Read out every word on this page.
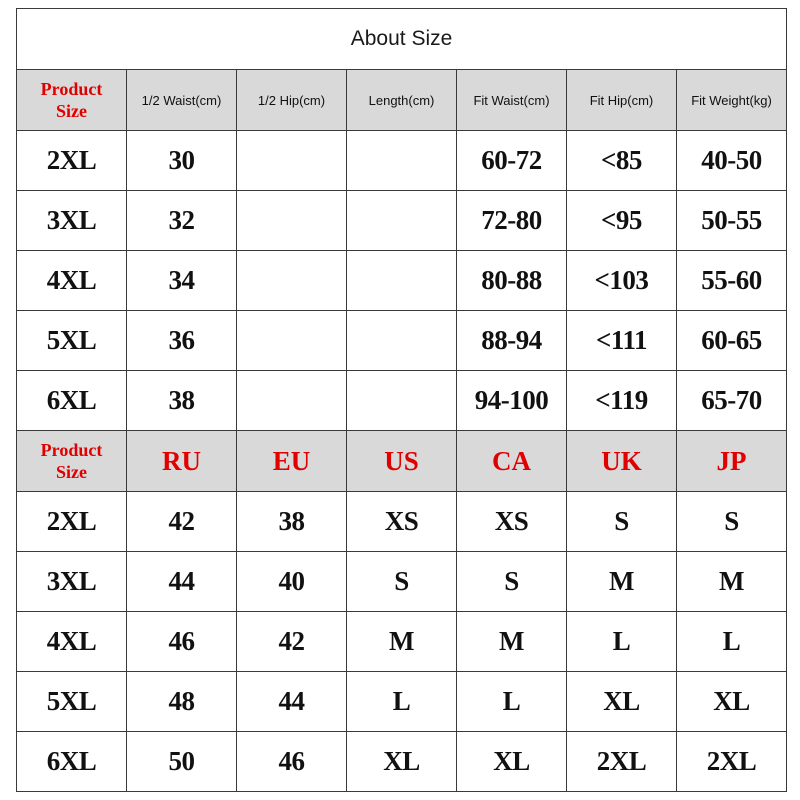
About Size						

Product
Size	1/2 Waist(cm)	1/2 Hip(cm)	Length(cm)	Fit Waist(cm)	Fit Hip(cm)	Fit Weight(kg)
2XL	30			60-72	<85	40-50
3XL	32			72-80	<95	50-55
4XL	34			80-88	<103	55-60
5XL	36			88-94	<111	60-65
6XL	38			94-100	<119	65-70

Product
Size	RU	EU	US	CA	UK	JP
2XL	42	38	XS	XS	S	S
3XL	44	40	S	S	M	M
4XL	46	42	M	M	L	L
5XL	48	44	L	L	XL	XL
6XL	50	46	XL	XL	2XL	2XL
